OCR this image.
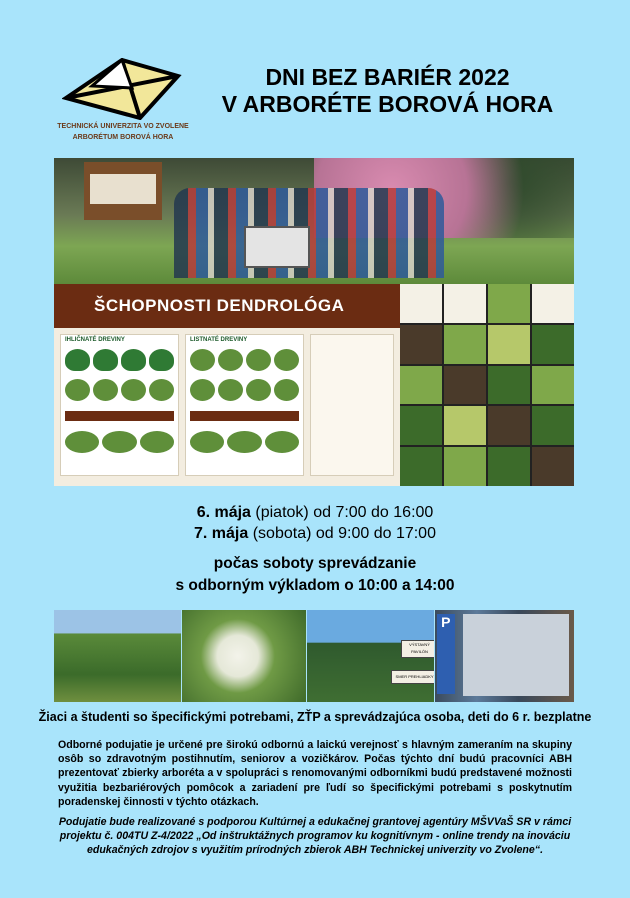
TECHNICKÁ UNIVERZITA VO ZVOLENE
ARBORÉTUM BOROVÁ HORA
DNI BEZ BARIÉR 2022
V ARBORÉTE BOROVÁ HORA
ŠCHOPNOSTI DENDROLÓGA
IHLIČNATÉ DREVINY	LISTNATÉ DREVINY
6. mája (piatok) od 7:00 do 16:00
7. mája (sobota) od 9:00 do 17:00
počas soboty sprevádzanie
s odborným výkladom o 10:00 a 14:00
VÝSTAVNÝ PAVILÓN
SMER PREHLIADKY
P
Žiaci a študenti so špecifickými potrebami, ZŤP a sprevádzajúca osoba, deti do 6 r. bezplatne
Odborné podujatie je určené pre širokú odbornú a laickú verejnosť s hlavným zameraním na skupiny osôb so zdravotným postihnutím, seniorov a vozičkárov. Počas týchto dní budú pracovníci ABH prezentovať zbierky arboréta a v spolupráci s renomovanými odborníkmi budú predstavené možnosti využitia bezbariérových pomôcok a zariadení pre ľudí so špecifickými potrebami s poskytnutím poradenskej činnosti v týchto otázkach.
Podujatie bude realizované s podporou Kultúrnej a edukačnej grantovej agentúry MŠVVaŠ SR v rámci projektu č. 004TU Z-4/2022 „Od inštruktážnych programov ku kognitívnym - online trendy na inováciu edukačných zdrojov s využitím prírodných zbierok ABH Technickej univerzity vo Zvolene“.
